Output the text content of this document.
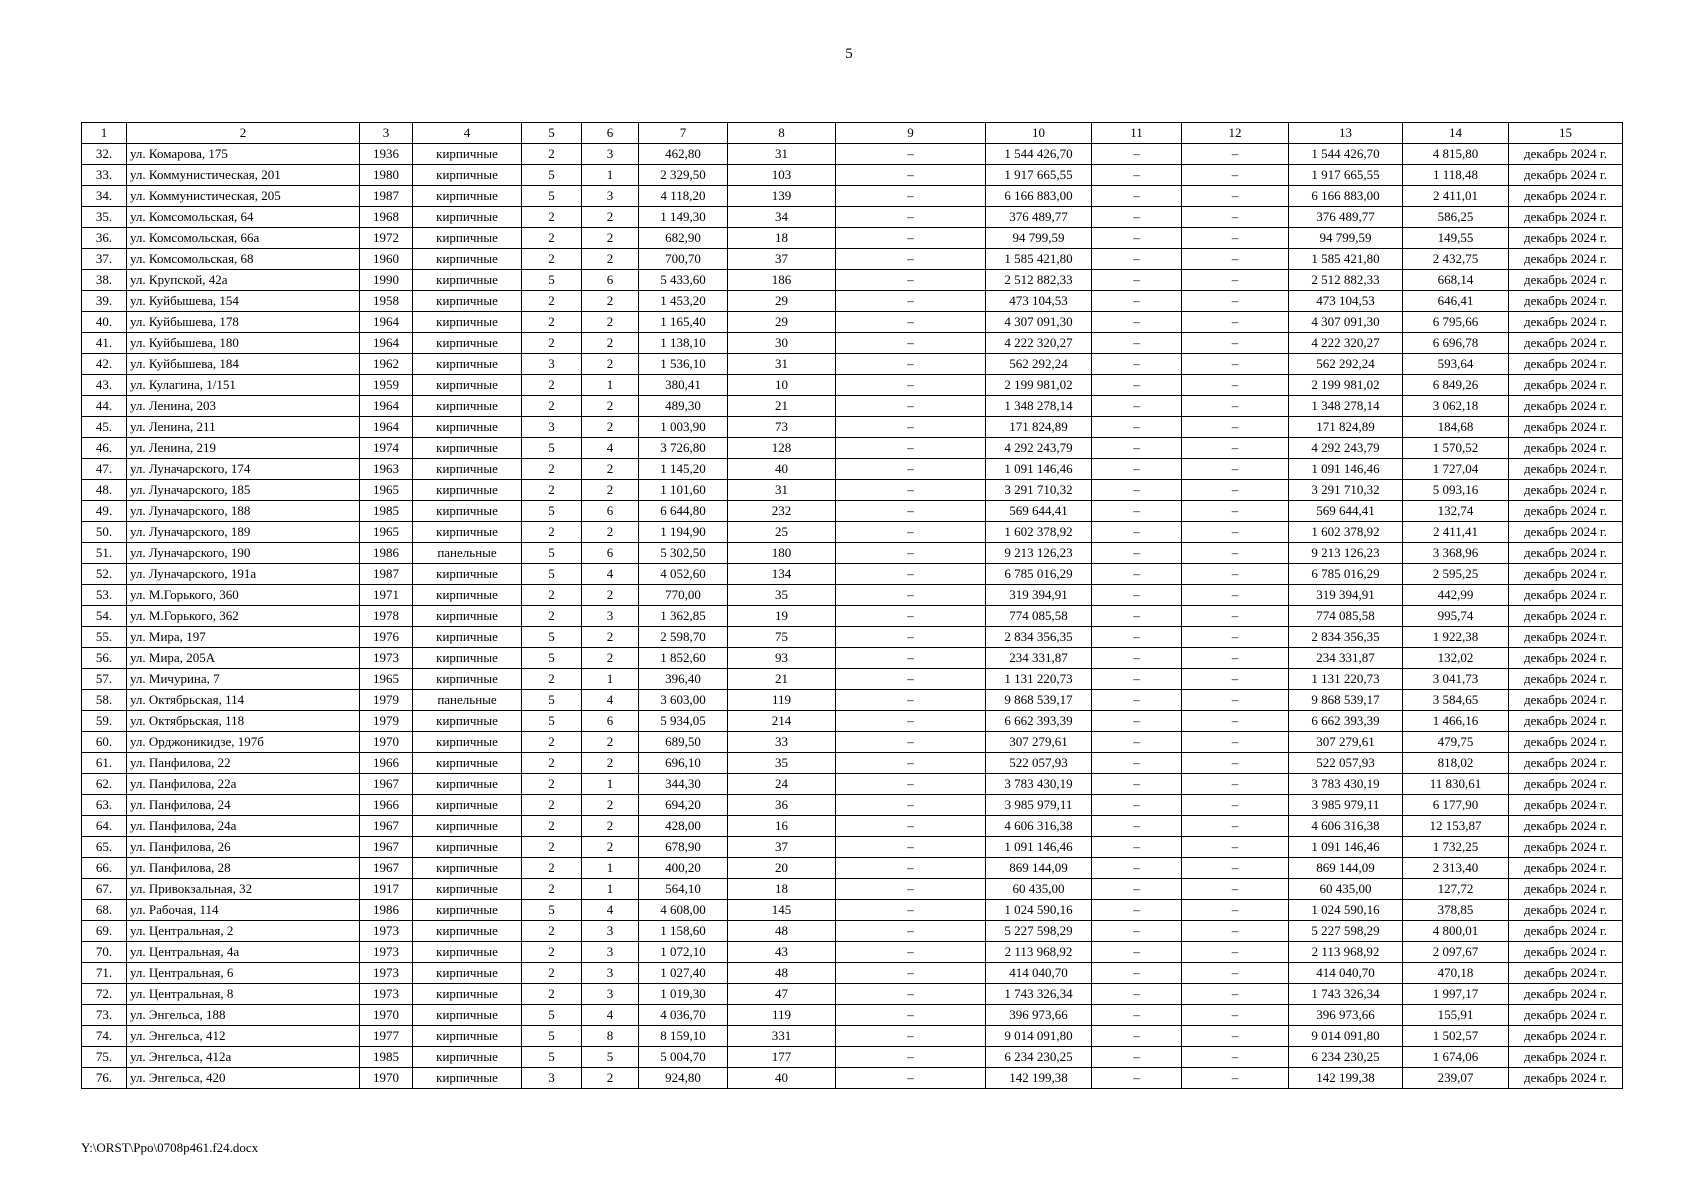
5
1	2	3	4	5	6	7	8	9	10	11	12	13	14	15
32.	ул. Комарова, 175	1936	кирпичные	2	3	462,80	31	–	1 544 426,70	–	–	1 544 426,70	4 815,80	декабрь 2024 г.
33.	ул. Коммунистическая, 201	1980	кирпичные	5	1	2 329,50	103	–	1 917 665,55	–	–	1 917 665,55	1 118,48	декабрь 2024 г.
34.	ул. Коммунистическая, 205	1987	кирпичные	5	3	4 118,20	139	–	6 166 883,00	–	–	6 166 883,00	2 411,01	декабрь 2024 г.
35.	ул. Комсомольская, 64	1968	кирпичные	2	2	1 149,30	34	–	376 489,77	–	–	376 489,77	586,25	декабрь 2024 г.
36.	ул. Комсомольская, 66а	1972	кирпичные	2	2	682,90	18	–	94 799,59	–	–	94 799,59	149,55	декабрь 2024 г.
37.	ул. Комсомольская, 68	1960	кирпичные	2	2	700,70	37	–	1 585 421,80	–	–	1 585 421,80	2 432,75	декабрь 2024 г.
38.	ул. Крупской, 42а	1990	кирпичные	5	6	5 433,60	186	–	2 512 882,33	–	–	2 512 882,33	668,14	декабрь 2024 г.
39.	ул. Куйбышева, 154	1958	кирпичные	2	2	1 453,20	29	–	473 104,53	–	–	473 104,53	646,41	декабрь 2024 г.
40.	ул. Куйбышева, 178	1964	кирпичные	2	2	1 165,40	29	–	4 307 091,30	–	–	4 307 091,30	6 795,66	декабрь 2024 г.
41.	ул. Куйбышева, 180	1964	кирпичные	2	2	1 138,10	30	–	4 222 320,27	–	–	4 222 320,27	6 696,78	декабрь 2024 г.
42.	ул. Куйбышева, 184	1962	кирпичные	3	2	1 536,10	31	–	562 292,24	–	–	562 292,24	593,64	декабрь 2024 г.
43.	ул. Кулагина, 1/151	1959	кирпичные	2	1	380,41	10	–	2 199 981,02	–	–	2 199 981,02	6 849,26	декабрь 2024 г.
44.	ул. Ленина, 203	1964	кирпичные	2	2	489,30	21	–	1 348 278,14	–	–	1 348 278,14	3 062,18	декабрь 2024 г.
45.	ул. Ленина, 211	1964	кирпичные	3	2	1 003,90	73	–	171 824,89	–	–	171 824,89	184,68	декабрь 2024 г.
46.	ул. Ленина, 219	1974	кирпичные	5	4	3 726,80	128	–	4 292 243,79	–	–	4 292 243,79	1 570,52	декабрь 2024 г.
47.	ул. Луначарского, 174	1963	кирпичные	2	2	1 145,20	40	–	1 091 146,46	–	–	1 091 146,46	1 727,04	декабрь 2024 г.
48.	ул. Луначарского, 185	1965	кирпичные	2	2	1 101,60	31	–	3 291 710,32	–	–	3 291 710,32	5 093,16	декабрь 2024 г.
49.	ул. Луначарского, 188	1985	кирпичные	5	6	6 644,80	232	–	569 644,41	–	–	569 644,41	132,74	декабрь 2024 г.
50.	ул. Луначарского, 189	1965	кирпичные	2	2	1 194,90	25	–	1 602 378,92	–	–	1 602 378,92	2 411,41	декабрь 2024 г.
51.	ул. Луначарского, 190	1986	панельные	5	6	5 302,50	180	–	9 213 126,23	–	–	9 213 126,23	3 368,96	декабрь 2024 г.
52.	ул. Луначарского, 191а	1987	кирпичные	5	4	4 052,60	134	–	6 785 016,29	–	–	6 785 016,29	2 595,25	декабрь 2024 г.
53.	ул. М.Горького, 360	1971	кирпичные	2	2	770,00	35	–	319 394,91	–	–	319 394,91	442,99	декабрь 2024 г.
54.	ул. М.Горького, 362	1978	кирпичные	2	3	1 362,85	19	–	774 085,58	–	–	774 085,58	995,74	декабрь 2024 г.
55.	ул. Мира, 197	1976	кирпичные	5	2	2 598,70	75	–	2 834 356,35	–	–	2 834 356,35	1 922,38	декабрь 2024 г.
56.	ул. Мира, 205А	1973	кирпичные	5	2	1 852,60	93	–	234 331,87	–	–	234 331,87	132,02	декабрь 2024 г.
57.	ул. Мичурина, 7	1965	кирпичные	2	1	396,40	21	–	1 131 220,73	–	–	1 131 220,73	3 041,73	декабрь 2024 г.
58.	ул. Октябрьская, 114	1979	панельные	5	4	3 603,00	119	–	9 868 539,17	–	–	9 868 539,17	3 584,65	декабрь 2024 г.
59.	ул. Октябрьская, 118	1979	кирпичные	5	6	5 934,05	214	–	6 662 393,39	–	–	6 662 393,39	1 466,16	декабрь 2024 г.
60.	ул. Орджоникидзе, 197б	1970	кирпичные	2	2	689,50	33	–	307 279,61	–	–	307 279,61	479,75	декабрь 2024 г.
61.	ул. Панфилова, 22	1966	кирпичные	2	2	696,10	35	–	522 057,93	–	–	522 057,93	818,02	декабрь 2024 г.
62.	ул. Панфилова, 22а	1967	кирпичные	2	1	344,30	24	–	3 783 430,19	–	–	3 783 430,19	11 830,61	декабрь 2024 г.
63.	ул. Панфилова, 24	1966	кирпичные	2	2	694,20	36	–	3 985 979,11	–	–	3 985 979,11	6 177,90	декабрь 2024 г.
64.	ул. Панфилова, 24а	1967	кирпичные	2	2	428,00	16	–	4 606 316,38	–	–	4 606 316,38	12 153,87	декабрь 2024 г.
65.	ул. Панфилова, 26	1967	кирпичные	2	2	678,90	37	–	1 091 146,46	–	–	1 091 146,46	1 732,25	декабрь 2024 г.
66.	ул. Панфилова, 28	1967	кирпичные	2	1	400,20	20	–	869 144,09	–	–	869 144,09	2 313,40	декабрь 2024 г.
67.	ул. Привокзальная, 32	1917	кирпичные	2	1	564,10	18	–	60 435,00	–	–	60 435,00	127,72	декабрь 2024 г.
68.	ул. Рабочая, 114	1986	кирпичные	5	4	4 608,00	145	–	1 024 590,16	–	–	1 024 590,16	378,85	декабрь 2024 г.
69.	ул. Центральная, 2	1973	кирпичные	2	3	1 158,60	48	–	5 227 598,29	–	–	5 227 598,29	4 800,01	декабрь 2024 г.
70.	ул. Центральная, 4а	1973	кирпичные	2	3	1 072,10	43	–	2 113 968,92	–	–	2 113 968,92	2 097,67	декабрь 2024 г.
71.	ул. Центральная, 6	1973	кирпичные	2	3	1 027,40	48	–	414 040,70	–	–	414 040,70	470,18	декабрь 2024 г.
72.	ул. Центральная, 8	1973	кирпичные	2	3	1 019,30	47	–	1 743 326,34	–	–	1 743 326,34	1 997,17	декабрь 2024 г.
73.	ул. Энгельса, 188	1970	кирпичные	5	4	4 036,70	119	–	396 973,66	–	–	396 973,66	155,91	декабрь 2024 г.
74.	ул. Энгельса, 412	1977	кирпичные	5	8	8 159,10	331	–	9 014 091,80	–	–	9 014 091,80	1 502,57	декабрь 2024 г.
75.	ул. Энгельса, 412а	1985	кирпичные	5	5	5 004,70	177	–	6 234 230,25	–	–	6 234 230,25	1 674,06	декабрь 2024 г.
76.	ул. Энгельса, 420	1970	кирпичные	3	2	924,80	40	–	142 199,38	–	–	142 199,38	239,07	декабрь 2024 г.
Y:\ORST\Ppo\0708p461.f24.docx
